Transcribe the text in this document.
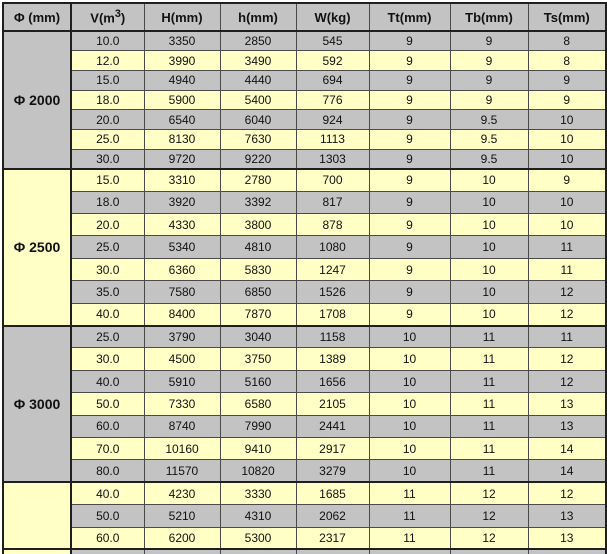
Φ (mm)	$V(m^3)$	H(mm)	h(mm)	W(kg)	Tt(mm)	Tb(mm)	Ts(mm)
Φ 2000	10.0	3350	2850	545	9	9	8
	12.0	3990	3490	592	9	9	8
	15.0	4940	4440	694	9	9	9
	18.0	5900	5400	776	9	9	9
	20.0	6540	6040	924	9	9.5	10
	25.0	8130	7630	1113	9	9.5	10
	30.0	9720	9220	1303	9	9.5	10
Φ 2500	15.0	3310	2780	700	9	10	9
	18.0	3920	3392	817	9	10	10
	20.0	4330	3800	878	9	10	10
	25.0	5340	4810	1080	9	10	11
	30.0	6360	5830	1247	9	10	11
	35.0	7580	6850	1526	9	10	12
	40.0	8400	7870	1708	9	10	12
Φ 3000	25.0	3790	3040	1158	10	11	11
	30.0	4500	3750	1389	10	11	12
	40.0	5910	5160	1656	10	11	12
	50.0	7330	6580	2105	10	11	13
	60.0	8740	7990	2441	10	11	13
	70.0	10160	9410	2917	10	11	14
	80.0	11570	10820	3279	10	11	14
	40.0	4230	3330	1685	11	12	12
	50.0	5210	4310	2062	11	12	13
	60.0	6200	5300	2317	11	12	13
